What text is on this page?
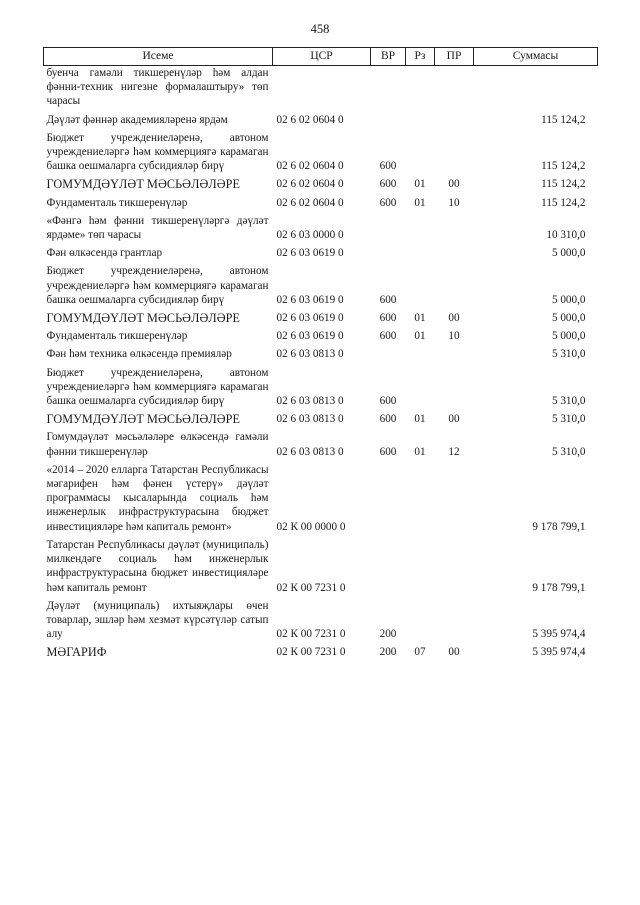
458
Исеме	ЦСР	ВР	Рз	ПР	Суммасы
буенча гамәли тикшеренүләр һәм алдан фәнни-техник нигезне формалаштыру» төп чарасы					
Дәүләт фәннәр академияләренә ярдәм	02 6 02 0604 0				115 124,2
Бюджет учреждениеләренә, автоном учреждениеләргә һәм коммерциягә карамаган башка оешмаларга субсидияләр бирү	02 6 02 0604 0	600			115 124,2
ГОМУМДӘҮЛӘТ МӘСЬӘЛӘЛӘРЕ	02 6 02 0604 0	600	01	00	115 124,2
Фундаменталь тикшеренүләр	02 6 02 0604 0	600	01	10	115 124,2
«Фәнгә һәм фәнни тикшеренүләргә дәүләт ярдәме» төп чарасы	02 6 03 0000 0				10 310,0
Фән өлкәсендә грантлар	02 6 03 0619 0				5 000,0
Бюджет учреждениеләренә, автоном учреждениеләргә һәм коммерциягә карамаган башка оешмаларга субсидияләр бирү	02 6 03 0619 0	600			5 000,0
ГОМУМДӘҮЛӘТ МӘСЬӘЛӘЛӘРЕ	02 6 03 0619 0	600	01	00	5 000,0
Фундаменталь тикшеренүләр	02 6 03 0619 0	600	01	10	5 000,0
Фән һәм техника өлкәсендә премияләр	02 6 03 0813 0				5 310,0
Бюджет учреждениеләренә, автоном учреждениеләргә һәм коммерциягә карамаган башка оешмаларга субсидияләр бирү	02 6 03 0813 0	600			5 310,0
ГОМУМДӘҮЛӘТ МӘСЬӘЛӘЛӘРЕ	02 6 03 0813 0	600	01	00	5 310,0
Гомумдәүләт мәсьәләләре өлкәсендә гамәли фәнни тикшеренүләр	02 6 03 0813 0	600	01	12	5 310,0
«2014 – 2020 елларга Татарстан Республикасы мәгарифен һәм фәнен үстерү» дәүләт программасы кысаларында социаль һәм инженерлык инфраструктурасына бюджет инвестицияләре һәм капиталь ремонт»	02 К 00 0000 0				9 178 799,1
Татарстан Республикасы дәүләт (муниципаль) милкендәге социаль һәм инженерлык инфраструктурасына бюджет инвестицияләре һәм капиталь ремонт	02 К 00 7231 0				9 178 799,1
Дәүләт (муниципаль) ихтыяҗлары өчен товарлар, эшләр һәм хезмәт күрсәтүләр сатып алу	02 К 00 7231 0	200			5 395 974,4
МӘГАРИФ	02 К 00 7231 0	200	07	00	5 395 974,4
